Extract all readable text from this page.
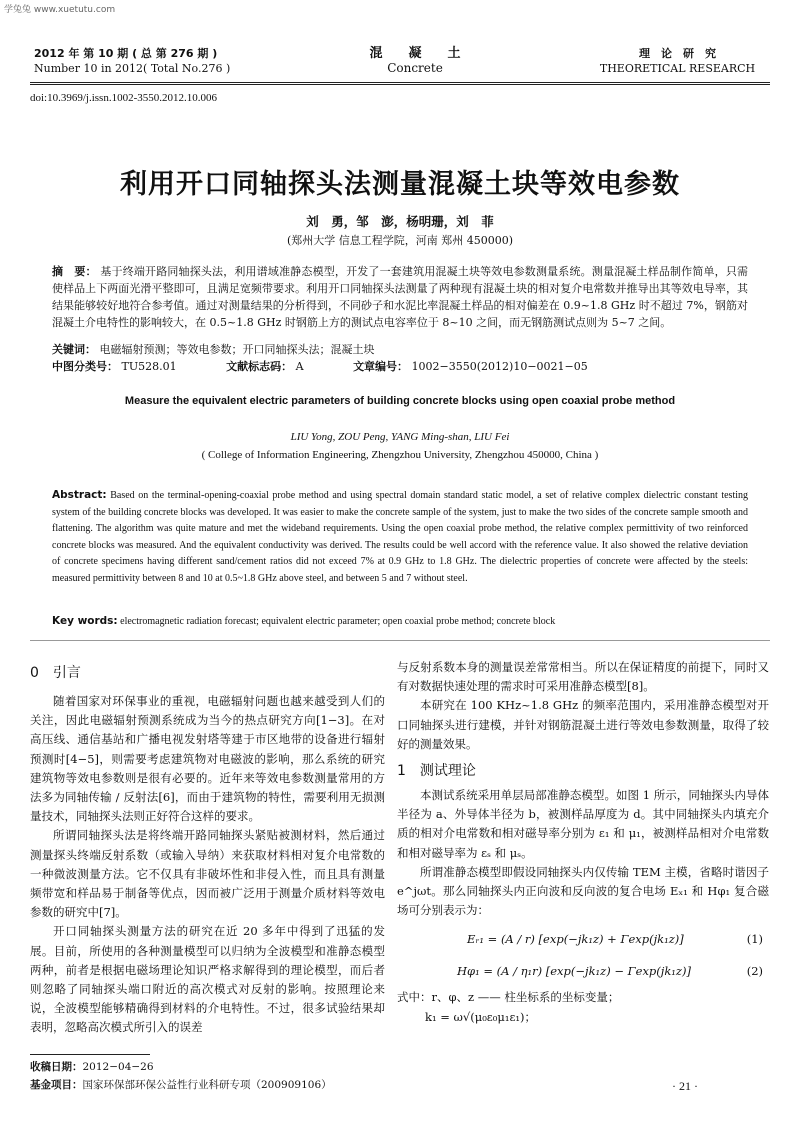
学兔兔 www.xuetutu.com
2012 年 第 10 期 ( 总 第 276 期 )
Number 10 in 2012( Total No.276 )
混　　凝　　土
Concrete
理　论　研　究
THEORETICAL RESEARCH
doi:10.3969/j.issn.1002-3550.2012.10.006
利用开口同轴探头法测量混凝土块等效电参数
刘　勇，邹　澎，杨明珊，刘　菲
(郑州大学 信息工程学院，河南 郑州 450000)
摘　要： 基于终端开路同轴探头法，利用谱域准静态模型，开发了一套建筑用混凝土块等效电参数测量系统。测量混凝土样品制作简单，只需使样品上下两面光滑平整即可，且满足宽频带要求。利用开口同轴探头法测量了两种现有混凝土块的相对复介电常数并推导出其等效电导率，其结果能够较好地符合参考值。通过对测量结果的分析得到，不同砂子和水泥比率混凝土样品的相对偏差在 0.9~1.8 GHz 时不超过 7%，钢筋对混凝土介电特性的影响较大，在 0.5~1.8 GHz 时钢筋上方的测试点电容率位于 8~10 之间，而无钢筋测试点则为 5~7 之间。
关键词： 电磁辐射预测；等效电参数；开口同轴探头法；混凝土块
中图分类号： TU528.01	文献标志码： A	文章编号： 1002−3550(2012)10−0021−05
Measure the equivalent electric parameters of building concrete blocks using open coaxial probe method
LIU Yong, ZOU Peng, YANG Ming-shan, LIU Fei
( College of Information Engineering, Zhengzhou University, Zhengzhou 450000, China )
Abstract: Based on the terminal-opening-coaxial probe method and using spectral domain standard static model, a set of relative complex dielectric constant testing system of the building concrete blocks was developed. It was easier to make the concrete sample of the system, just to make the two sides of the concrete sample smooth and flattening. The algorithm was quite mature and met the wideband requirements. Using the open coaxial probe method, the relative complex permittivity of two reinforced concrete blocks was measured. And the equivalent conductivity was derived. The results could be well accord with the reference value. It also showed the relative deviation of concrete specimens having different sand/cement ratios did not exceed 7% at 0.9 GHz to 1.8 GHz. The dielectric properties of concrete were affected by the steels: measured permittivity between 8 and 10 at 0.5~1.8 GHz above steel, and between 5 and 7 without steel.
Key words: electromagnetic radiation forecast; equivalent electric parameter; open coaxial probe method; concrete block
0　引言

随着国家对环保事业的重视，电磁辐射问题也越来越受到人们的关注，因此电磁辐射预测系统成为当今的热点研究方向[1−3]。在对高压线、通信基站和广播电视发射塔等建于市区地带的设备进行辐射预测时[4−5]，则需要考虑建筑物对电磁波的影响，那么系统的研究建筑物等效电参数则是很有必要的。近年来等效电参数测量常用的方法多为同轴传输 / 反射法[6]，而由于建筑物的特性，需要利用无损测量技术，同轴探头法则正好符合这样的要求。

所谓同轴探头法是将终端开路同轴探头紧贴被测材料，然后通过测量探头终端反射系数（或输入导纳）来获取材料相对复介电常数的一种微波测量方法。它不仅具有非破坏性和非侵入性，而且具有测量频带宽和样品易于制备等优点，因而被广泛用于测量介质材料等效电参数的研究中[7]。

开口同轴探头测量方法的研究在近 20 多年中得到了迅猛的发展。目前，所使用的各种测量模型可以归纳为全波模型和准静态模型两种，前者是根据电磁场理论知识严格求解得到的理论模型，而后者则忽略了同轴探头端口附近的高次模式对反射的影响。按照理论来说，全波模型能够精确得到材料的介电特性。不过，很多试验结果却表明，忽略高次模式所引入的误差

收稿日期：2012−04−26
基金项目：国家环保部环保公益性行业科研专项（200909106）

与反射系数本身的测量误差常常相当。所以在保证精度的前提下，同时又有对数据快速处理的需求时可采用准静态模型[8]。

本研究在 100 KHz~1.8 GHz 的频率范围内，采用准静态模型对开口同轴探头进行建模，并针对钢筋混凝土进行等效电参数测量，取得了较好的测量效果。

1　测试理论

本测试系统采用单层局部准静态模型。如图 1 所示，同轴探头内导体半径为 a、外导体半径为 b，被测样品厚度为 d。其中同轴探头内填充介质的相对介电常数和相对磁导率分别为 ε₁ 和 μ₁，被测样品相对介电常数和相对磁导率为 εₛ 和 μₛ。

所谓准静态模型即假设同轴探头内仅传输 TEM 主模，省略时谐因子 e^jωt。那么同轴探头内正向波和反向波的复合电场 Eₓ₁ 和 Hφ₁ 复合磁场可分别表示为：

Eᵣ₁ = (A / r) [exp(−jk₁z) + Γexp(jk₁z)]	(1)
Hφ₁ = (A / η₁r) [exp(−jk₁z) − Γexp(jk₁z)]	(2)

式中：r、φ、z —— 柱坐标系的坐标变量；

k₁ = ω√(μ₀ε₀μ₁ε₁)；

· 21 ·
